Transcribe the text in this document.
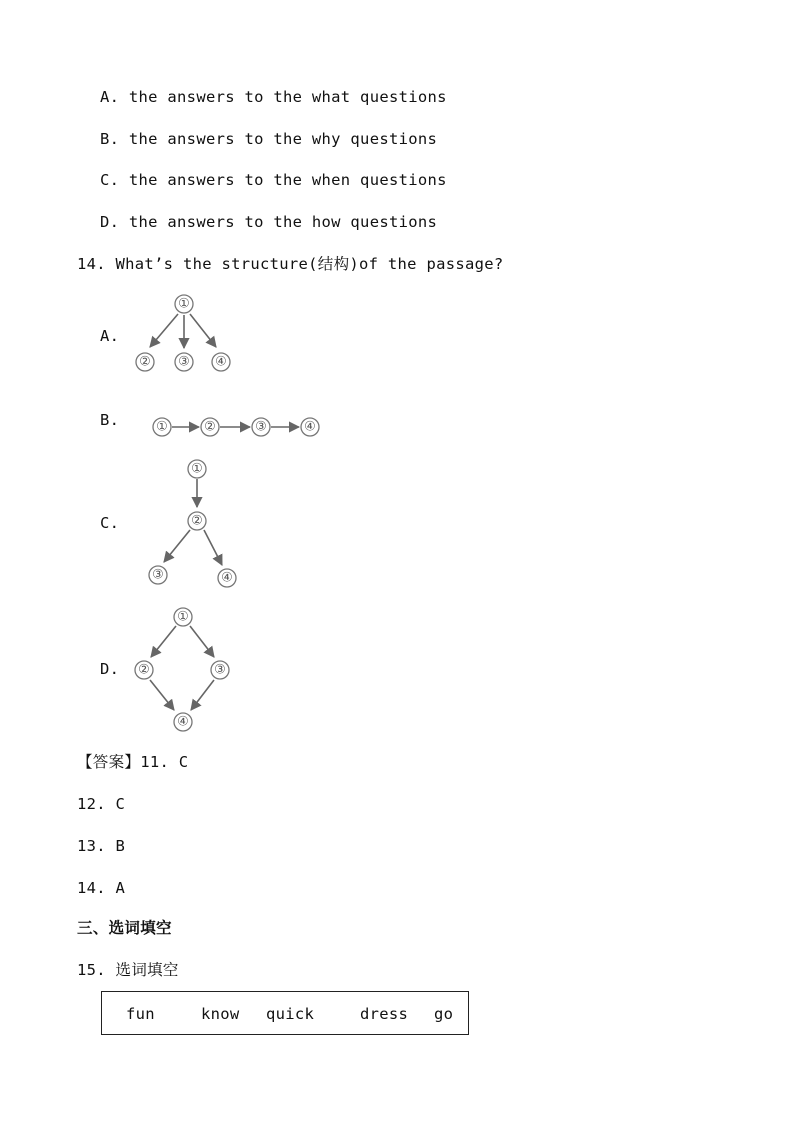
A. the answers to the what questions
B. the answers to the why questions
C. the answers to the when questions
D. the answers to the how questions
14. What’s the structure(结构)of the passage?
A.
B.
C.
D.
①
② ③ ④
①	②	③	④
①
②
③	④
①
②	③
④
【答案】11. C
12. C
13. B
14. A
三、选词填空
15. 选词填空
fun	know quick	dress go
